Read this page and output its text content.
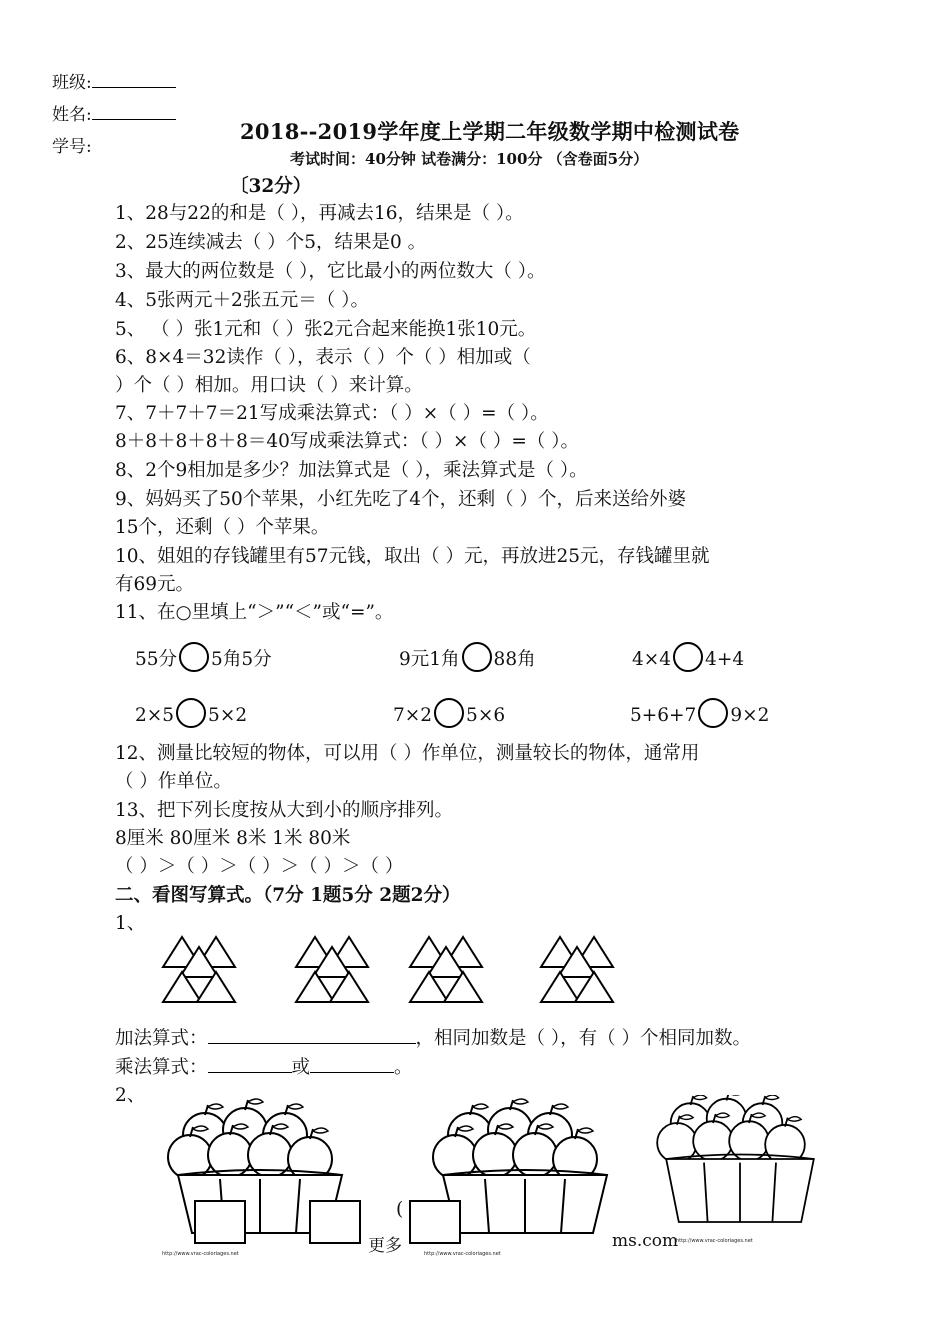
班级:
姓名:
学号:
2018--2019学年度上学期二年级数学期中检测试卷
考试时间：40分钟 试卷满分：100分 （含卷面5分）
〔32分）
1、28与22的和是（ ），再减去16，结果是（ ）。
2、25连续减去（ ）个5，结果是0 。
3、最大的两位数是（ ），它比最小的两位数大（ ）。
4、5张两元＋2张五元＝（ ）。
5、 （ ）张1元和（ ）张2元合起来能换1张10元。
6、8×4＝32读作（ ），表示（ ）个（ ）相加或（
）个（ ）相加。用口诀（ ）来计算。
7、7＋7＋7＝21写成乘法算式：（ ）×（ ）=（ ）。
8＋8＋8＋8＋8＝40写成乘法算式：（ ）×（ ）=（ ）。
8、2个9相加是多少？加法算式是（ ），乘法算式是（ ）。
9、妈妈买了50个苹果，小红先吃了4个，还剩（ ）个，后来送给外婆
15个，还剩（ ）个苹果。
10、姐姐的存钱罐里有57元钱，取出（ ）元，再放进25元，存钱罐里就
有69元。
11、在○里填上“＞”“＜”或“=”。
55分 5角5分	9元1角 88角	4×4 4+4
2×5 5×2	7×2 5×6	5+6+7 9×2
12、测量比较短的物体，可以用（ ）作单位，测量较长的物体，通常用
（ ）作单位。
13、把下列长度按从大到小的顺序排列。
8厘米 80厘米 8米 1米 80米
（ ）＞（ ）＞（ ）＞（ ）＞（ ）
二、看图写算式。（7分 1题5分 2题2分）
1、
加法算式：	，相同加数是（ ），有（ ）个相同加数。
乘法算式：	或	。
2、
(
更多	ms.com
http://www.vrac-coloriages.net	http://www.vrac-coloriages.net
http://www.vrac-coloriages.net
